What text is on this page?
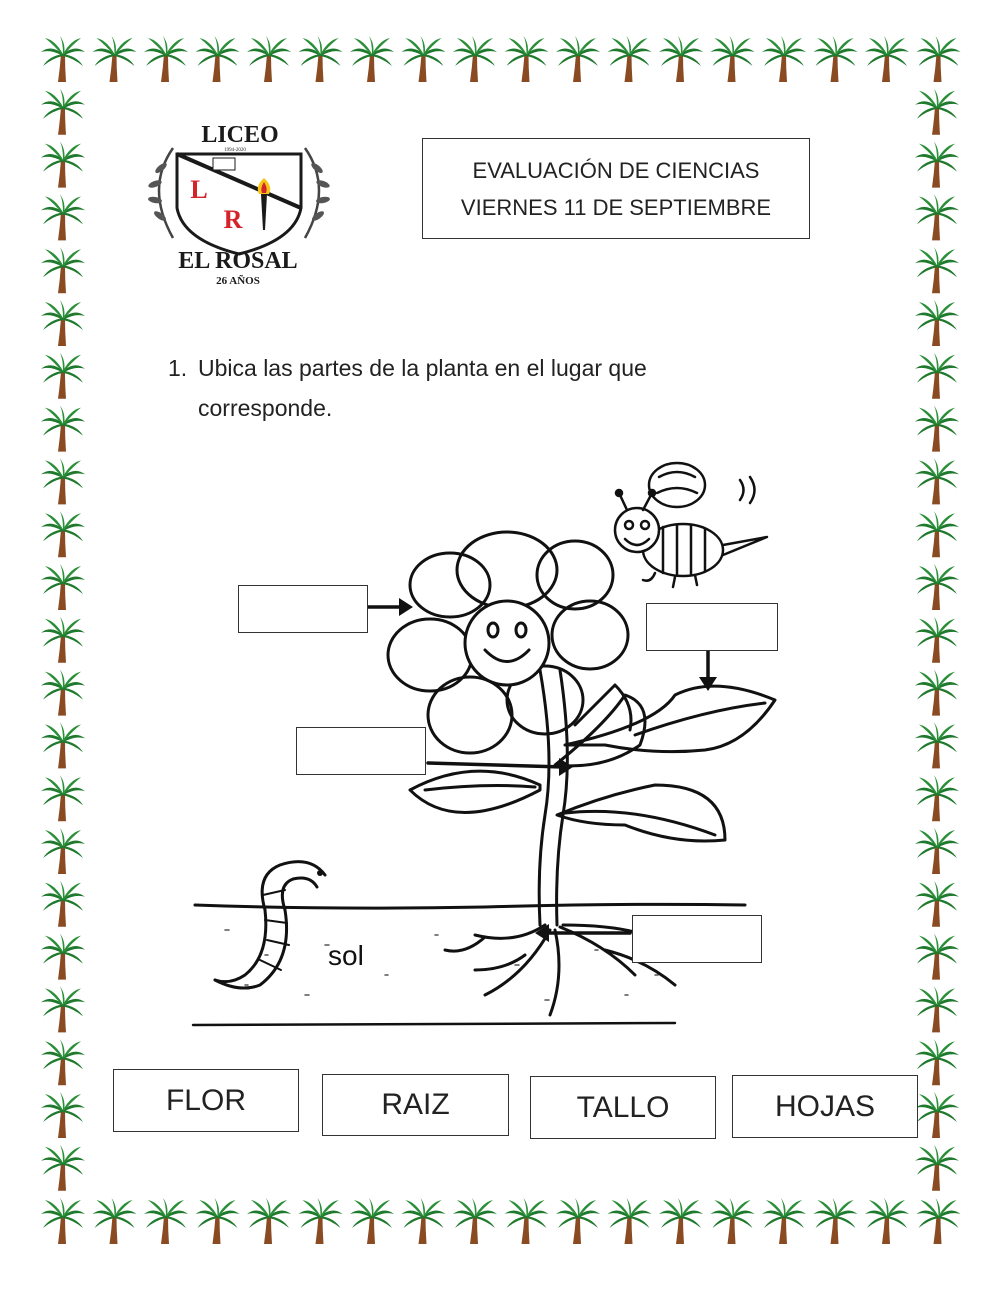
LICEO
1994-2020
L
R
EL ROSAL
26 AÑOS
EVALUACIÓN DE CIENCIAS
VIERNES 11 DE SEPTIEMBRE
1. Ubica las partes de la planta en el lugar que corresponde.
sol
FLOR	RAIZ	TALLO	HOJAS
